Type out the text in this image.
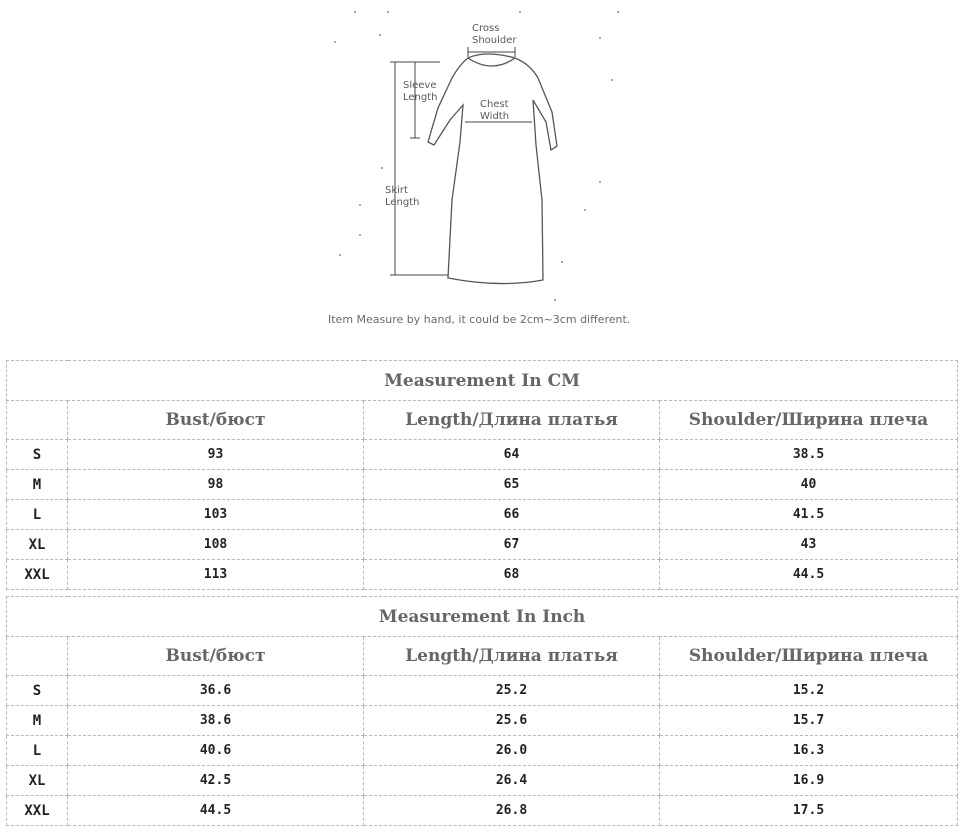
Cross
Shoulder
Sleeve
Length
Chest
Width
Skirt
Length
Item Measure by hand, it could be 2cm~3cm different.
Measurement In CM			
	Bust/бюст	Length/Длина платья	Shoulder/Ширина плеча
S	93	64	38.5
M	98	65	40
L	103	66	41.5
XL	108	67	43
XXL	113	68	44.5
Measurement In Inch			
	Bust/бюст	Length/Длина платья	Shoulder/Ширина плеча
S	36.6	25.2	15.2
M	38.6	25.6	15.7
L	40.6	26.0	16.3
XL	42.5	26.4	16.9
XXL	44.5	26.8	17.5
